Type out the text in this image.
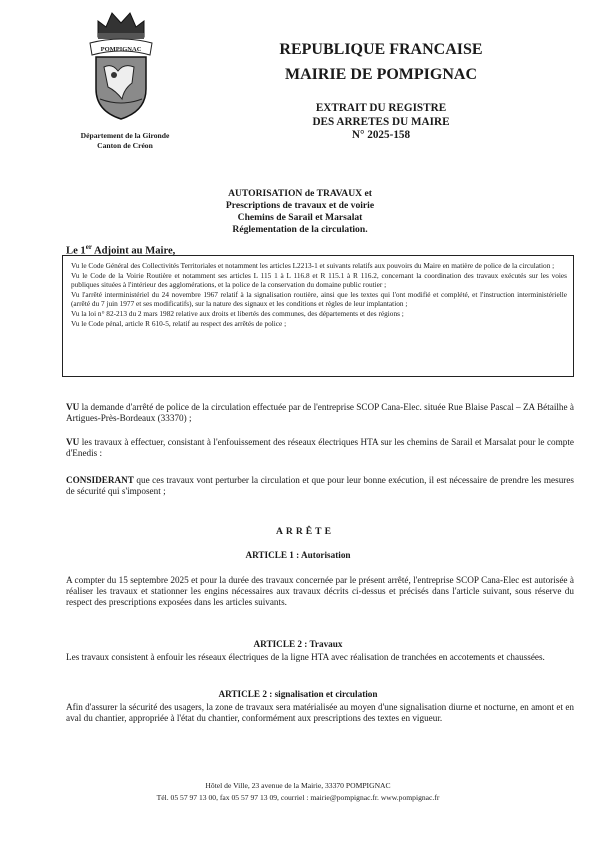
POMPIGNAC
Département de la Gironde
Canton de Créon
REPUBLIQUE FRANCAISE
MAIRIE DE POMPIGNAC
EXTRAIT DU REGISTRE
DES ARRETES DU MAIRE
N° 2025-158
AUTORISATION de TRAVAUX et
Prescriptions de travaux et de voirie
Chemins de Sarail et Marsalat
Réglementation de la circulation.
Le 1er Adjoint au Maire,

Vu le Code Général des Collectivités Territoriales et notamment les articles L2213-1 et suivants relatifs aux pouvoirs du Maire en matière de police de la circulation ;

Vu le Code de la Voirie Routière et notamment ses articles L 115 1 à L 116.8 et R 115.1 à R 116.2, concernant la coordination des travaux exécutés sur les voies publiques situées à l'intérieur des agglomérations, et la police de la conservation du domaine public routier ;

Vu l'arrêté interministériel du 24 novembre 1967 relatif à la signalisation routière, ainsi que les textes qui l'ont modifié et complété, et l'instruction interministérielle (arrêté du 7 juin 1977 et ses modificatifs), sur la nature des signaux et les conditions et règles de leur implantation ;

Vu la loi n° 82-213 du 2 mars 1982 relative aux droits et libertés des communes, des départements et des régions ;

Vu le Code pénal, article R 610-5, relatif au respect des arrêtés de police ;

VU la demande d'arrêté de police de la circulation effectuée par de l'entreprise SCOP Cana-Elec. située Rue Blaise Pascal – ZA Bétailhe à Artigues-Près-Bordeaux (33370) ;
VU les travaux à effectuer, consistant à l'enfouissement des réseaux électriques HTA sur les chemins de Sarail et Marsalat pour le compte d'Enedis :
CONSIDERANT que ces travaux vont perturber la circulation et que pour leur bonne exécution, il est nécessaire de prendre les mesures de sécurité qui s'imposent ;
ARRÊTE
ARTICLE 1 : Autorisation
A compter du 15 septembre 2025 et pour la durée des travaux concernée par le présent arrêté, l'entreprise SCOP Cana-Elec est autorisée à réaliser les travaux et stationner les engins nécessaires aux travaux décrits ci-dessus et précisés dans l'article suivant, sous réserve du respect des prescriptions exposées dans les articles suivants.
ARTICLE 2 : Travaux
Les travaux consistent à enfouir les réseaux électriques de la ligne HTA avec réalisation de tranchées en accotements et chaussées.
ARTICLE 2 : signalisation et circulation
Afin d'assurer la sécurité des usagers, la zone de travaux sera matérialisée au moyen d'une signalisation diurne et nocturne, en amont et en aval du chantier, appropriée à l'état du chantier, conformément aux prescriptions des textes en vigueur.
Hôtel de Ville, 23 avenue de la Mairie, 33370 POMPIGNAC
Tél. 05 57 97 13 00, fax 05 57 97 13 09, courriel : mairie@pompignac.fr. www.pompignac.fr
